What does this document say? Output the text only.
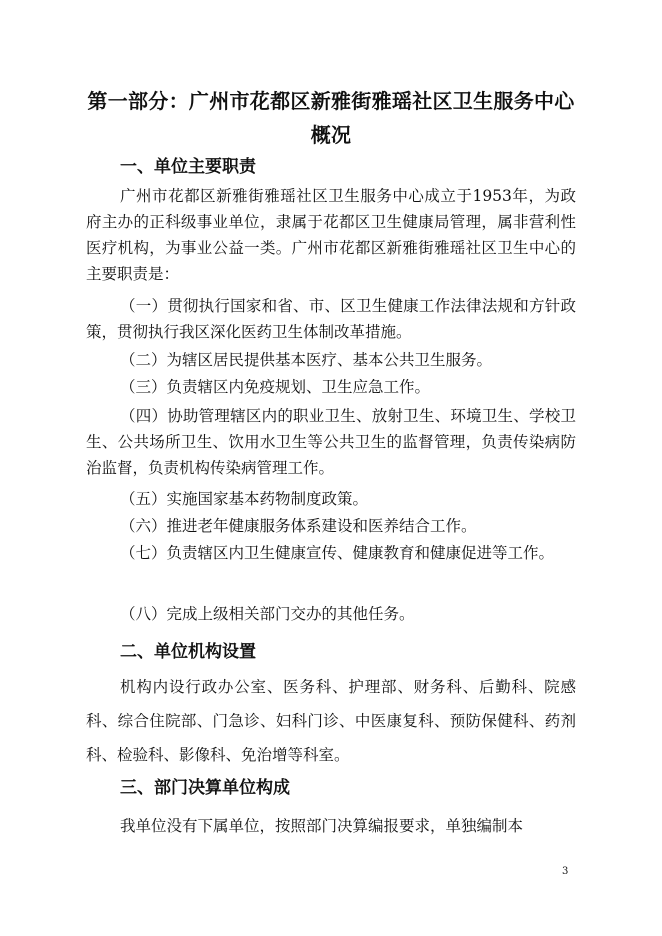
第一部分：广州市花都区新雅街雅瑶社区卫生服务中心
概况
一、单位主要职责
广州市花都区新雅街雅瑶社区卫生服务中心成立于1953年，为政府主办的正科级事业单位，隶属于花都区卫生健康局管理，属非营利性医疗机构，为事业公益一类。广州市花都区新雅街雅瑶社区卫生中心的主要职责是：
（一）贯彻执行国家和省、市、区卫生健康工作法律法规和方针政策，贯彻执行我区深化医药卫生体制改革措施。
（二）为辖区居民提供基本医疗、基本公共卫生服务。
（三）负责辖区内免疫规划、卫生应急工作。
（四）协助管理辖区内的职业卫生、放射卫生、环境卫生、学校卫生、公共场所卫生、饮用水卫生等公共卫生的监督管理，负责传染病防治监督，负责机构传染病管理工作。
（五）实施国家基本药物制度政策。
（六）推进老年健康服务体系建设和医养结合工作。
（七）负责辖区内卫生健康宣传、健康教育和健康促进等工作。
（八）完成上级相关部门交办的其他任务。
二、单位机构设置
机构内设行政办公室、医务科、护理部、财务科、后勤科、院感科、综合住院部、门急诊、妇科门诊、中医康复科、预防保健科、药剂科、检验科、影像科、免治增等科室。
三、部门决算单位构成
我单位没有下属单位，按照部门决算编报要求，单独编制本
3
